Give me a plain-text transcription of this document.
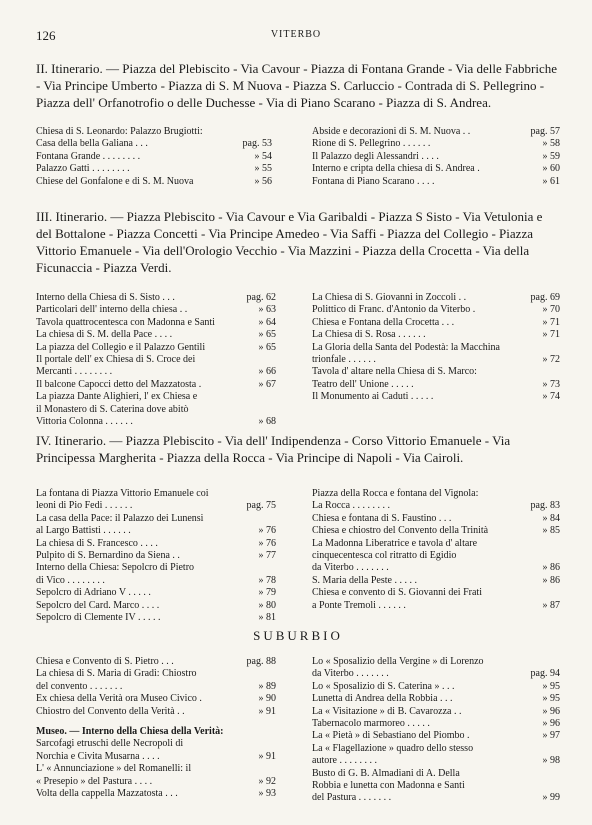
126	VITERBO

II. Itinerario. — Piazza del Plebiscito - Via Cavour - Piazza di Fontana Grande - Via delle Fabbriche - Via Principe Umberto - Piazza di S. M Nuova - Piazza S. Carluccio - Contrada di S. Pellegrino - Piazza dell' Orfanotrofio o delle Duchesse - Via di Piano Scarano - Piazza di S. Andrea.

Chiesa di S. Leonardo: Palazzo Brugiotti:
Casa della bella Galiana . . .	pag. 53
Fontana Grande . . . . . . . .	» 54
Palazzo Gatti . . . . . . . .	» 55
Chiese del Gonfalone e di S. M. Nuova	» 56
Abside e decorazioni di S. M. Nuova . .	pag. 57
Rione di S. Pellegrino . . . . . .	» 58
Il Palazzo degli Alessandri . . . .	» 59
Interno e cripta della chiesa di S. Andrea .	» 60
Fontana di Piano Scarano . . . .	» 61

III. Itinerario. — Piazza Plebiscito - Via Cavour e Via Garibaldi - Piazza S Sisto - Via Vetulonia e del Bottalone - Piazza Concetti - Via Principe Amedeo - Via Saffi - Piazza del Collegio - Piazza Vittorio Emanuele - Via dell'Orologio Vecchio - Via Mazzini - Piazza della Crocetta - Via della Ficunaccia - Piazza Verdi.

Interno della Chiesa di S. Sisto . . .	pag. 62
Particolari dell' interno della chiesa . .	» 63
Tavola quattrocentesca con Madonna e Santi	» 64
La chiesa di S. M. della Pace . . . .	» 65
La piazza del Collegio e il Palazzo Gentili	» 65
Il portale dell' ex Chiesa di S. Croce dei
Mercanti . . . . . . . .	» 66
Il balcone Capocci detto del Mazzatosta .	» 67
La piazza Dante Alighieri, l' ex Chiesa e
il Monastero di S. Caterina dove abitò
Vittoria Colonna . . . . . .	» 68
La Chiesa di S. Giovanni in Zoccoli . .	pag. 69
Polittico di Franc. d'Antonio da Viterbo .	» 70
Chiesa e Fontana della Crocetta . . .	» 71
La Chiesa di S. Rosa . . . . . .	» 71
La Gloria della Santa del Podestà: la Macchina trionfale . . . . . .	» 72
Tavola d' altare nella Chiesa di S. Marco:
Teatro dell' Unione . . . . .	» 73
Il Monumento ai Caduti . . . . .	» 74

IV. Itinerario. — Piazza Plebiscito - Via dell' Indipendenza - Corso Vittorio Emanuele - Via Principessa Margherita - Piazza della Rocca - Via Principe di Napoli - Via Cairoli.

La fontana di Piazza Vittorio Emanuele coi
leoni di Pio Fedi . . . . . .	pag. 75
La casa della Pace: il Palazzo dei Lunensi
al Largo Battisti . . . . . .	» 76
La chiesa di S. Francesco . . . .	» 76
Pulpito di S. Bernardino da Siena . .	» 77
Interno della Chiesa: Sepolcro di Pietro
di Vico . . . . . . . .	» 78
Sepolcro di Adriano V . . . . .	» 79
Sepolcro del Card. Marco . . . .	» 80
Sepolcro di Clemente IV . . . . .	» 81
Piazza della Rocca e fontana del Vignola:
La Rocca . . . . . . . .	pag. 83
Chiesa e fontana di S. Faustino . . .	» 84
Chiesa e chiostro del Convento della Trinità	» 85
La Madonna Liberatrice e tavola d' altare
cinquecentesca col ritratto di Egidio
da Viterbo . . . . . . .	» 86
S. Maria della Peste . . . . .	» 86
Chiesa e convento di S. Giovanni dei Frati
a Ponte Tremoli . . . . . .	» 87
SUBURBIO
Chiesa e Convento di S. Pietro . . .	pag. 88
La chiesa di S. Maria di Gradi: Chiostro
del convento . . . . . . .	» 89
Ex chiesa della Verità ora Museo Civico .	» 90
Chiostro del Convento della Verità . .	» 91
Museo. — Interno della Chiesa della Verità:
Sarcofagi etruschi delle Necropoli di
Norchia e Civita Musarna . . . .	» 91
L' « Annunciazione » del Romanelli: il
« Presepio » del Pastura . . . .	» 92
Volta della cappella Mazzatosta . . .	» 93
Lo « Sposalizio della Vergine » di Lorenzo
da Viterbo . . . . . . .	pag. 94
Lo « Sposalizio di S. Caterina » . . .	» 95
Lunetta di Andrea della Robbia . . .	» 95
La « Visitazione » di B. Cavarozza . .	» 96
Tabernacolo marmoreo . . . . .	» 96
La « Pietà » di Sebastiano del Piombo .	» 97
La « Flagellazione » quadro dello stesso
autore . . . . . . . .	» 98
Busto di G. B. Almadiani di A. Della
Robbia e lunetta con Madonna e Santi
del Pastura . . . . . . .	» 99
